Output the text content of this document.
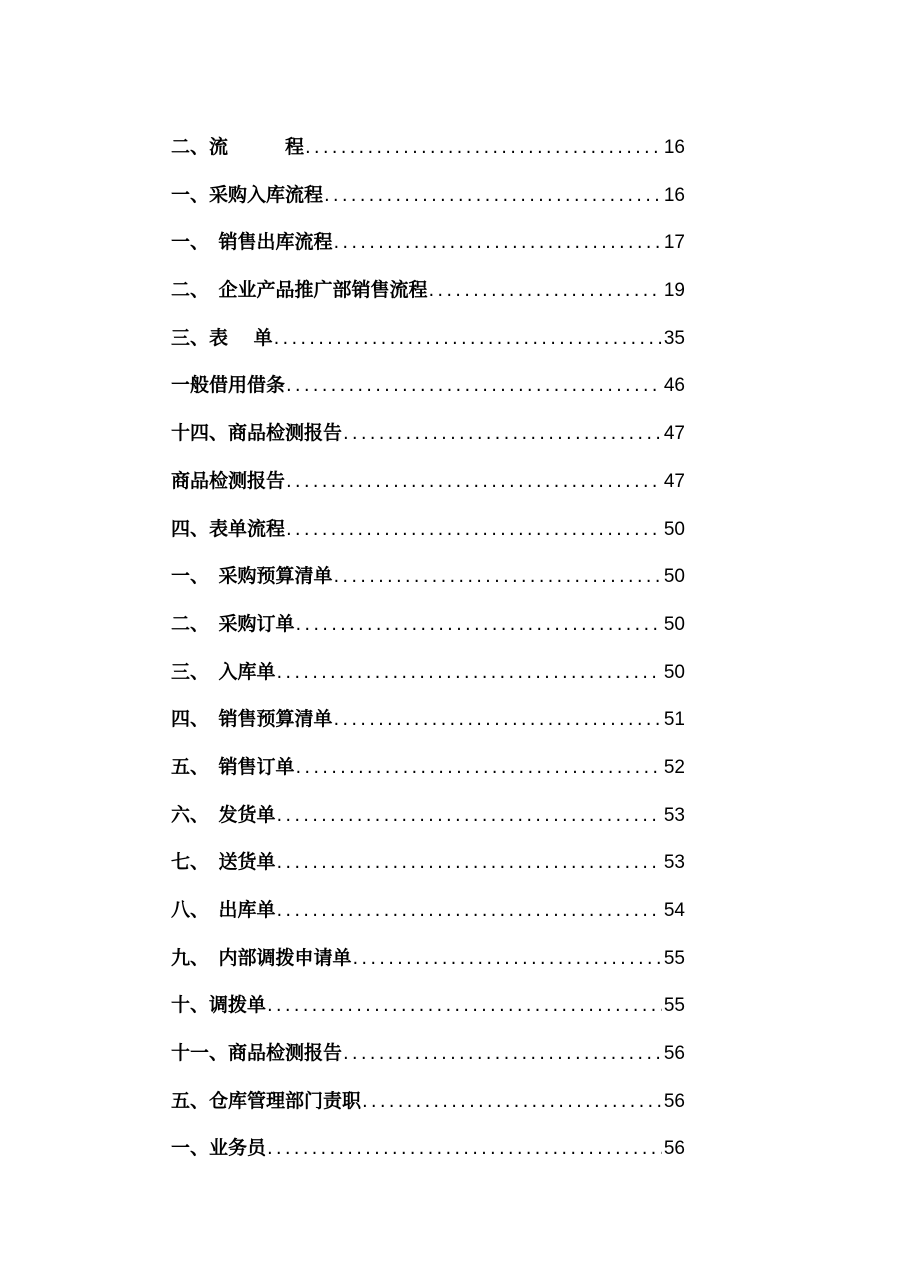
二、流　　　程 .....	16
一、采购入库流程 .....	16
一、　销售出库流程 .....	17
二、　企业产品推广部销售流程 .....	19
三、表　 单 .....	35
一般借用借条 .....	46
十四、商品检测报告 .....	47
商品检测报告 .....	47
四、表单流程 .....	50
一、　采购预算清单 .....	50
二、　采购订单 .....	50
三、　入库单 .....	50
四、　销售预算清单 .....	51
五、　销售订单 .....	52
六、　发货单 .....	53
七、　送货单 .....	53
八、　出库单 .....	54
九、　内部调拨申请单 .....	55
十、调拨单 .....	55
十一、商品检测报告 .....	56
五、仓库管理部门责职 .....	56
一、业务员 .....	56
